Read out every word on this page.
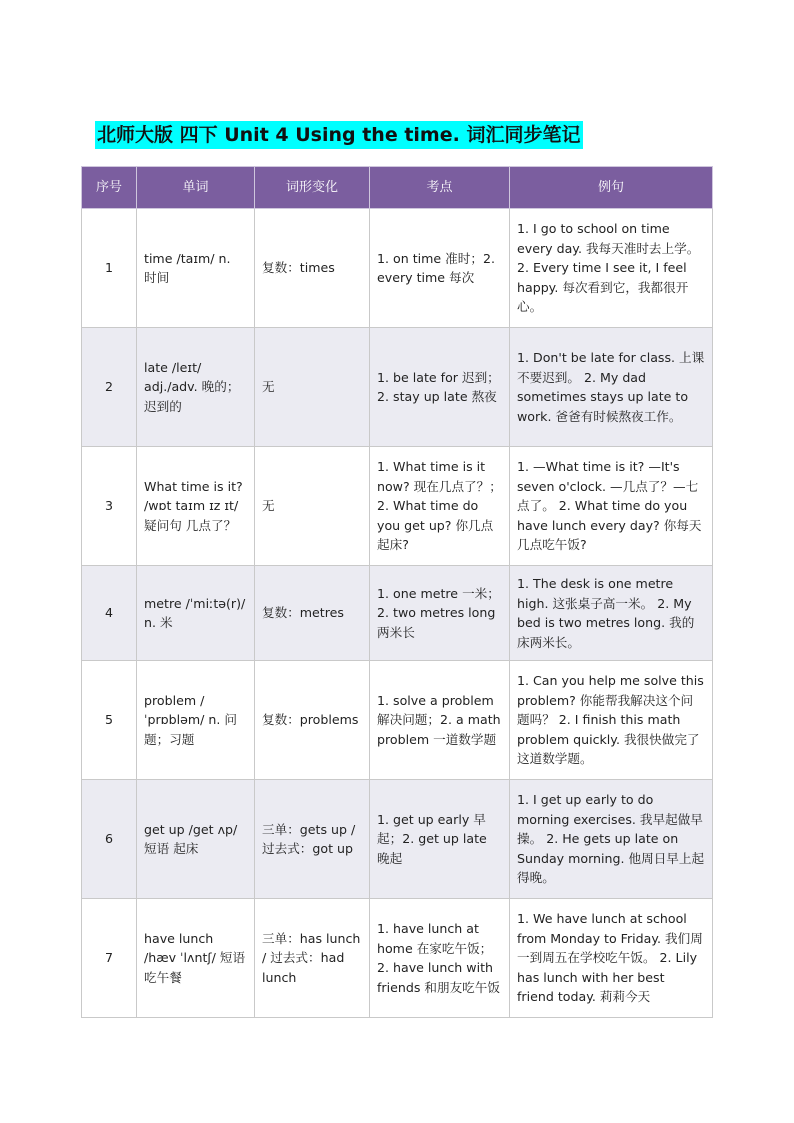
北师大版 四下 Unit 4 Using the time. 词汇同步笔记
序号	单词	词形变化	考点	例句
1	time /taɪm/ n. 时间	复数：times	1. on time 准时；2. every time 每次	1. I go to school on time every day. 我每天准时去上学。 2. Every time I see it, I feel happy. 每次看到它，我都很开心。
2	late /leɪt/ adj./adv. 晚的；迟到的	无	1. be late for 迟到；2. stay up late 熬夜	1. Don't be late for class. 上课不要迟到。 2. My dad sometimes stays up late to work. 爸爸有时候熬夜工作。
3	What time is it? /wɒt taɪm ɪz ɪt/ 疑问句 几点了？	无	1. What time is it now? 现在几点了？；2. What time do you get up? 你几点起床?	1. —What time is it? —It's seven o'clock. —几点了？—七点了。 2. What time do you have lunch every day? 你每天几点吃午饭?
4	metre /ˈmiːtə(r)/ n. 米	复数：metres	1. one metre 一米；2. two metres long 两米长	1. The desk is one metre high. 这张桌子高一米。 2. My bed is two metres long. 我的床两米长。
5	problem /ˈprɒbləm/ n. 问题；习题	复数：problems	1. solve a problem 解决问题；2. a math problem 一道数学题	1. Can you help me solve this problem? 你能帮我解决这个问题吗？ 2. I finish this math problem quickly. 我很快做完了这道数学题。
6	get up /get ʌp/ 短语 起床	三单：gets up / 过去式：got up	1. get up early 早起；2. get up late 晚起	1. I get up early to do morning exercises. 我早起做早操。 2. He gets up late on Sunday morning. 他周日早上起得晚。
7	have lunch /hæv ˈlʌntʃ/ 短语 吃午餐	三单：has lunch / 过去式：had lunch	1. have lunch at home 在家吃午饭；2. have lunch with friends 和朋友吃午饭	1. We have lunch at school from Monday to Friday. 我们周一到周五在学校吃午饭。 2. Lily has lunch with her best friend today. 莉莉今天
